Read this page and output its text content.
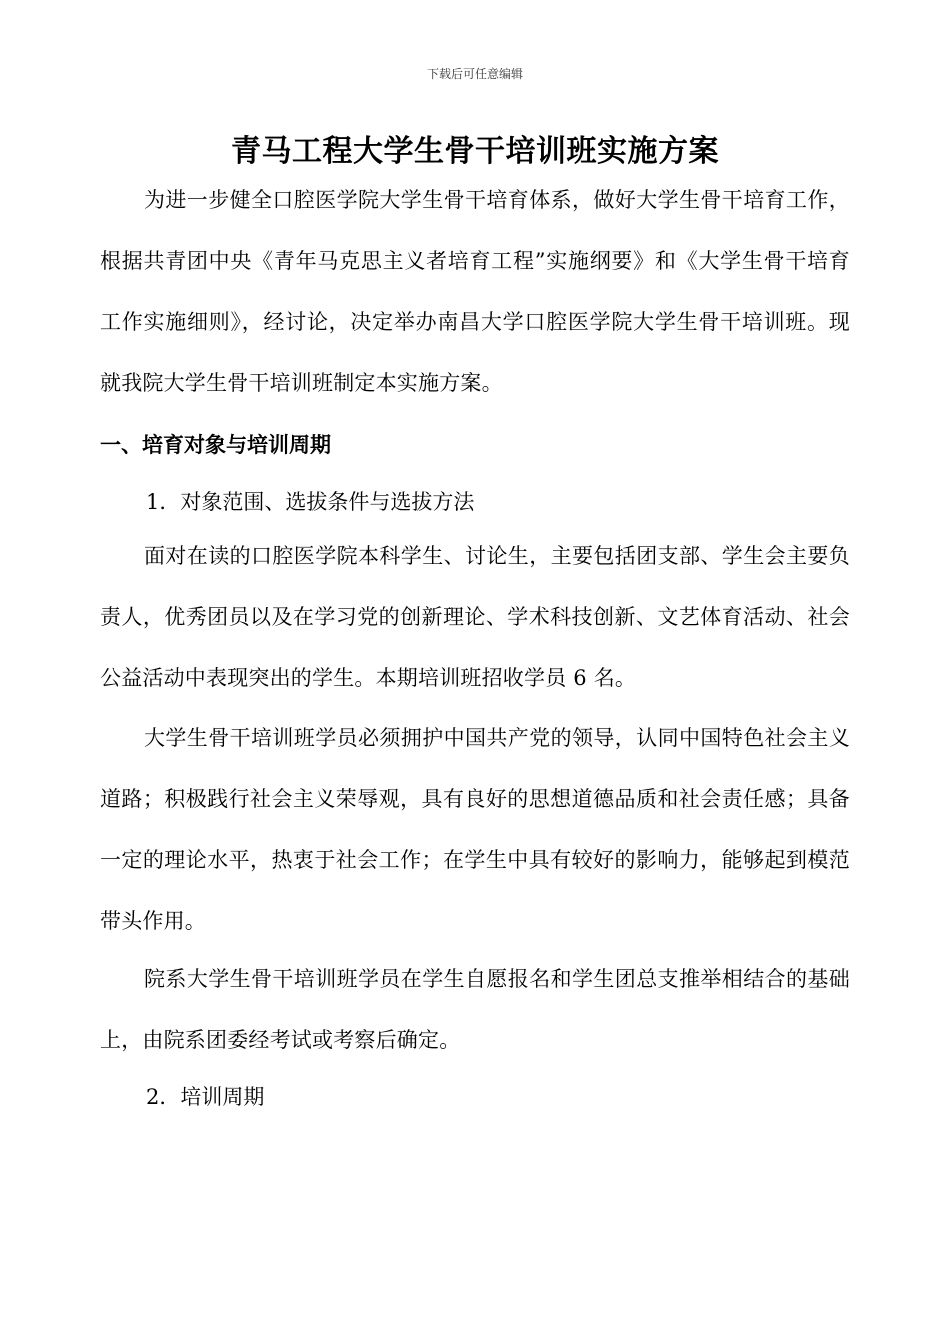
下载后可任意编辑
青马工程大学生骨干培训班实施方案
为进一步健全口腔医学院大学生骨干培育体系，做好大学生骨干培育工作，根据共青团中央《青年马克思主义者培育工程”实施纲要》和《大学生骨干培育工作实施细则》，经讨论，决定举办南昌大学口腔医学院大学生骨干培训班。现就我院大学生骨干培训班制定本实施方案。
一、培育对象与培训周期
1．对象范围、选拔条件与选拔方法
面对在读的口腔医学院本科学生、讨论生，主要包括团支部、学生会主要负责人，优秀团员以及在学习党的创新理论、学术科技创新、文艺体育活动、社会公益活动中表现突出的学生。本期培训班招收学员 6 名。
大学生骨干培训班学员必须拥护中国共产党的领导，认同中国特色社会主义道路；积极践行社会主义荣辱观，具有良好的思想道德品质和社会责任感；具备一定的理论水平，热衷于社会工作；在学生中具有较好的影响力，能够起到模范带头作用。
院系大学生骨干培训班学员在学生自愿报名和学生团总支推举相结合的基础上，由院系团委经考试或考察后确定。
2．培训周期
